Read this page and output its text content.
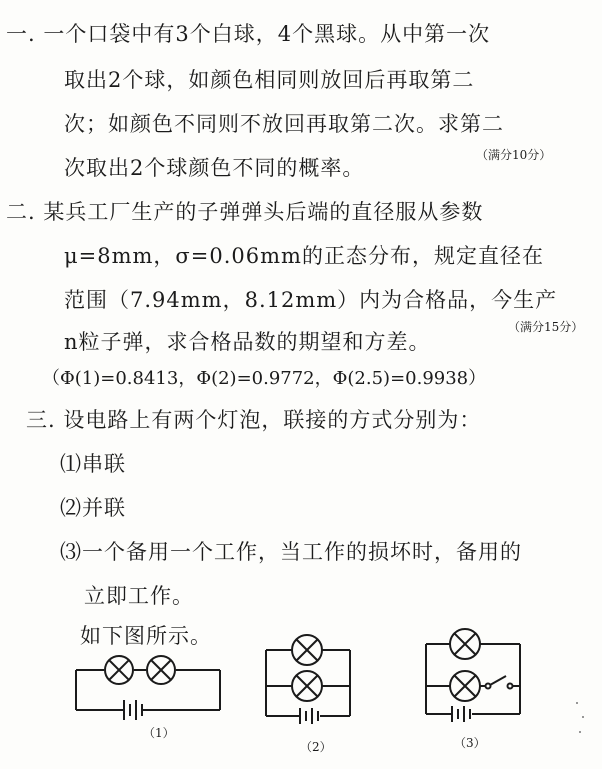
一. 一个口袋中有3个白球，4个黑球。从中第一次
取出2个球，如颜色相同则放回后再取第二
次；如颜色不同则不放回再取第二次。求第二
次取出2个球颜色不同的概率。
（满分10分）
二. 某兵工厂生产的子弹弹头后端的直径服从参数
μ=8mm，σ=0.06mm的正态分布，规定直径在
范围（7.94mm，8.12mm）内为合格品，今生产
n粒子弹，求合格品数的期望和方差。
（满分15分）
（Φ(1)=0.8413，Φ(2)=0.9772，Φ(2.5)=0.9938）
三. 设电路上有两个灯泡，联接的方式分别为：
⑴串联
⑵并联
⑶一个备用一个工作，当工作的损坏时，备用的
立即工作。
如下图所示。
（1）
（2）	（3）
